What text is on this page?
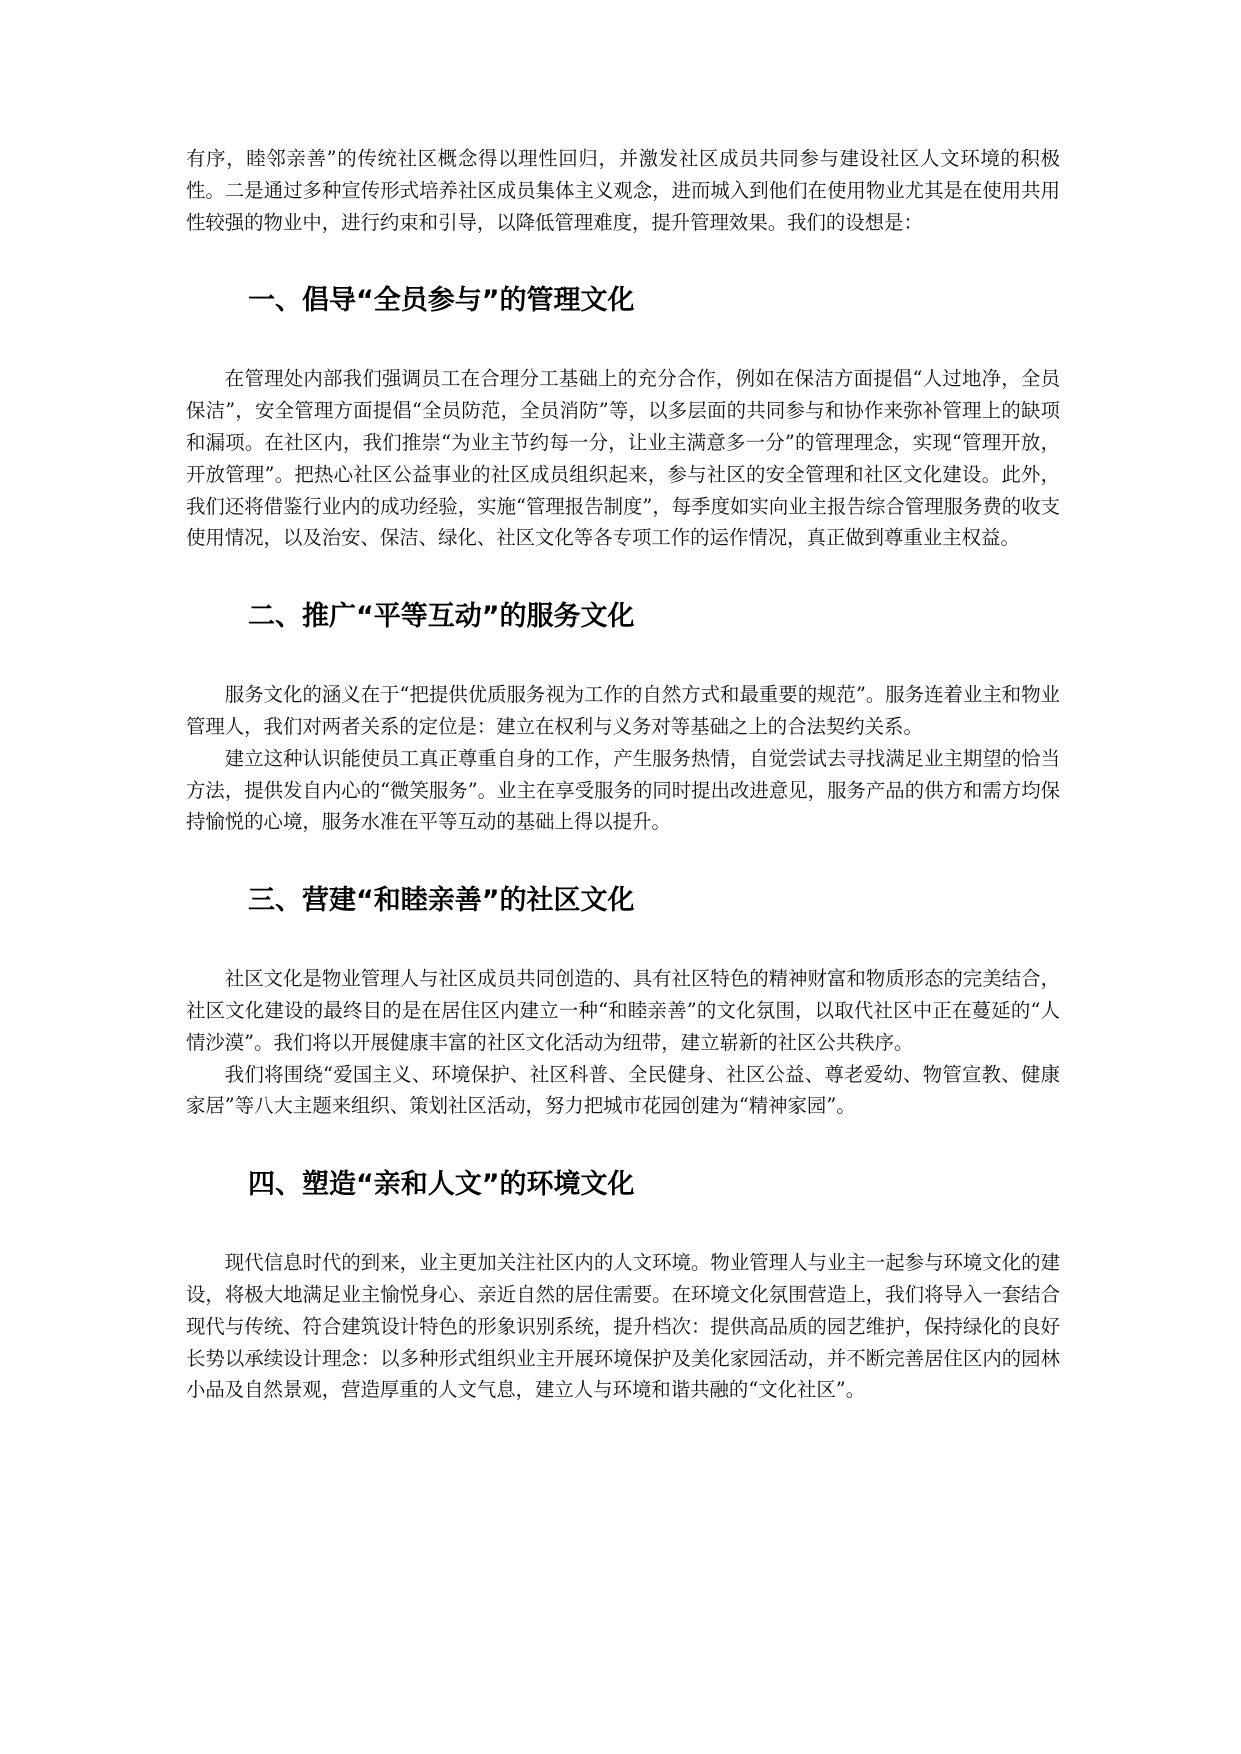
有序，睦邻亲善”的传统社区概念得以理性回归，并激发社区成员共同参与建设社区人文环境的积极性。二是通过多种宣传形式培养社区成员集体主义观念，进而城入到他们在使用物业尤其是在使用共用性较强的物业中，进行约束和引导，以降低管理难度，提升管理效果。我们的设想是：

一、倡导“全员参与”的管理文化

在管理处内部我们强调员工在合理分工基础上的充分合作，例如在保洁方面提倡“人过地净，全员保洁”，安全管理方面提倡“全员防范，全员消防”等，以多层面的共同参与和协作来弥补管理上的缺项和漏项。在社区内，我们推崇“为业主节约每一分，让业主满意多一分”的管理理念，实现“管理开放，开放管理”。把热心社区公益事业的社区成员组织起来，参与社区的安全管理和社区文化建设。此外，我们还将借鉴行业内的成功经验，实施“管理报告制度”，每季度如实向业主报告综合管理服务费的收支使用情况，以及治安、保洁、绿化、社区文化等各专项工作的运作情况，真正做到尊重业主权益。

二、推广“平等互动”的服务文化

服务文化的涵义在于“把提供优质服务视为工作的自然方式和最重要的规范”。服务连着业主和物业管理人，我们对两者关系的定位是：建立在权利与义务对等基础之上的合法契约关系。

建立这种认识能使员工真正尊重自身的工作，产生服务热情，自觉尝试去寻找满足业主期望的恰当方法，提供发自内心的“微笑服务”。业主在享受服务的同时提出改进意见，服务产品的供方和需方均保持愉悦的心境，服务水准在平等互动的基础上得以提升。

三、营建“和睦亲善”的社区文化

社区文化是物业管理人与社区成员共同创造的、具有社区特色的精神财富和物质形态的完美结合，社区文化建设的最终目的是在居住区内建立一种“和睦亲善”的文化氛围，以取代社区中正在蔓延的“人情沙漠”。我们将以开展健康丰富的社区文化活动为纽带，建立崭新的社区公共秩序。

我们将围绕“爱国主义、环境保护、社区科普、全民健身、社区公益、尊老爱幼、物管宣教、健康家居”等八大主题来组织、策划社区活动，努力把城市花园创建为“精神家园”。

四、塑造“亲和人文”的环境文化

现代信息时代的到来，业主更加关注社区内的人文环境。物业管理人与业主一起参与环境文化的建设，将极大地满足业主愉悦身心、亲近自然的居住需要。在环境文化氛围营造上，我们将导入一套结合现代与传统、符合建筑设计特色的形象识别系统，提升档次：提供高品质的园艺维护，保持绿化的良好长势以承续设计理念：以多种形式组织业主开展环境保护及美化家园活动，并不断完善居住区内的园林小品及自然景观，营造厚重的人文气息，建立人与环境和谐共融的“文化社区”。
